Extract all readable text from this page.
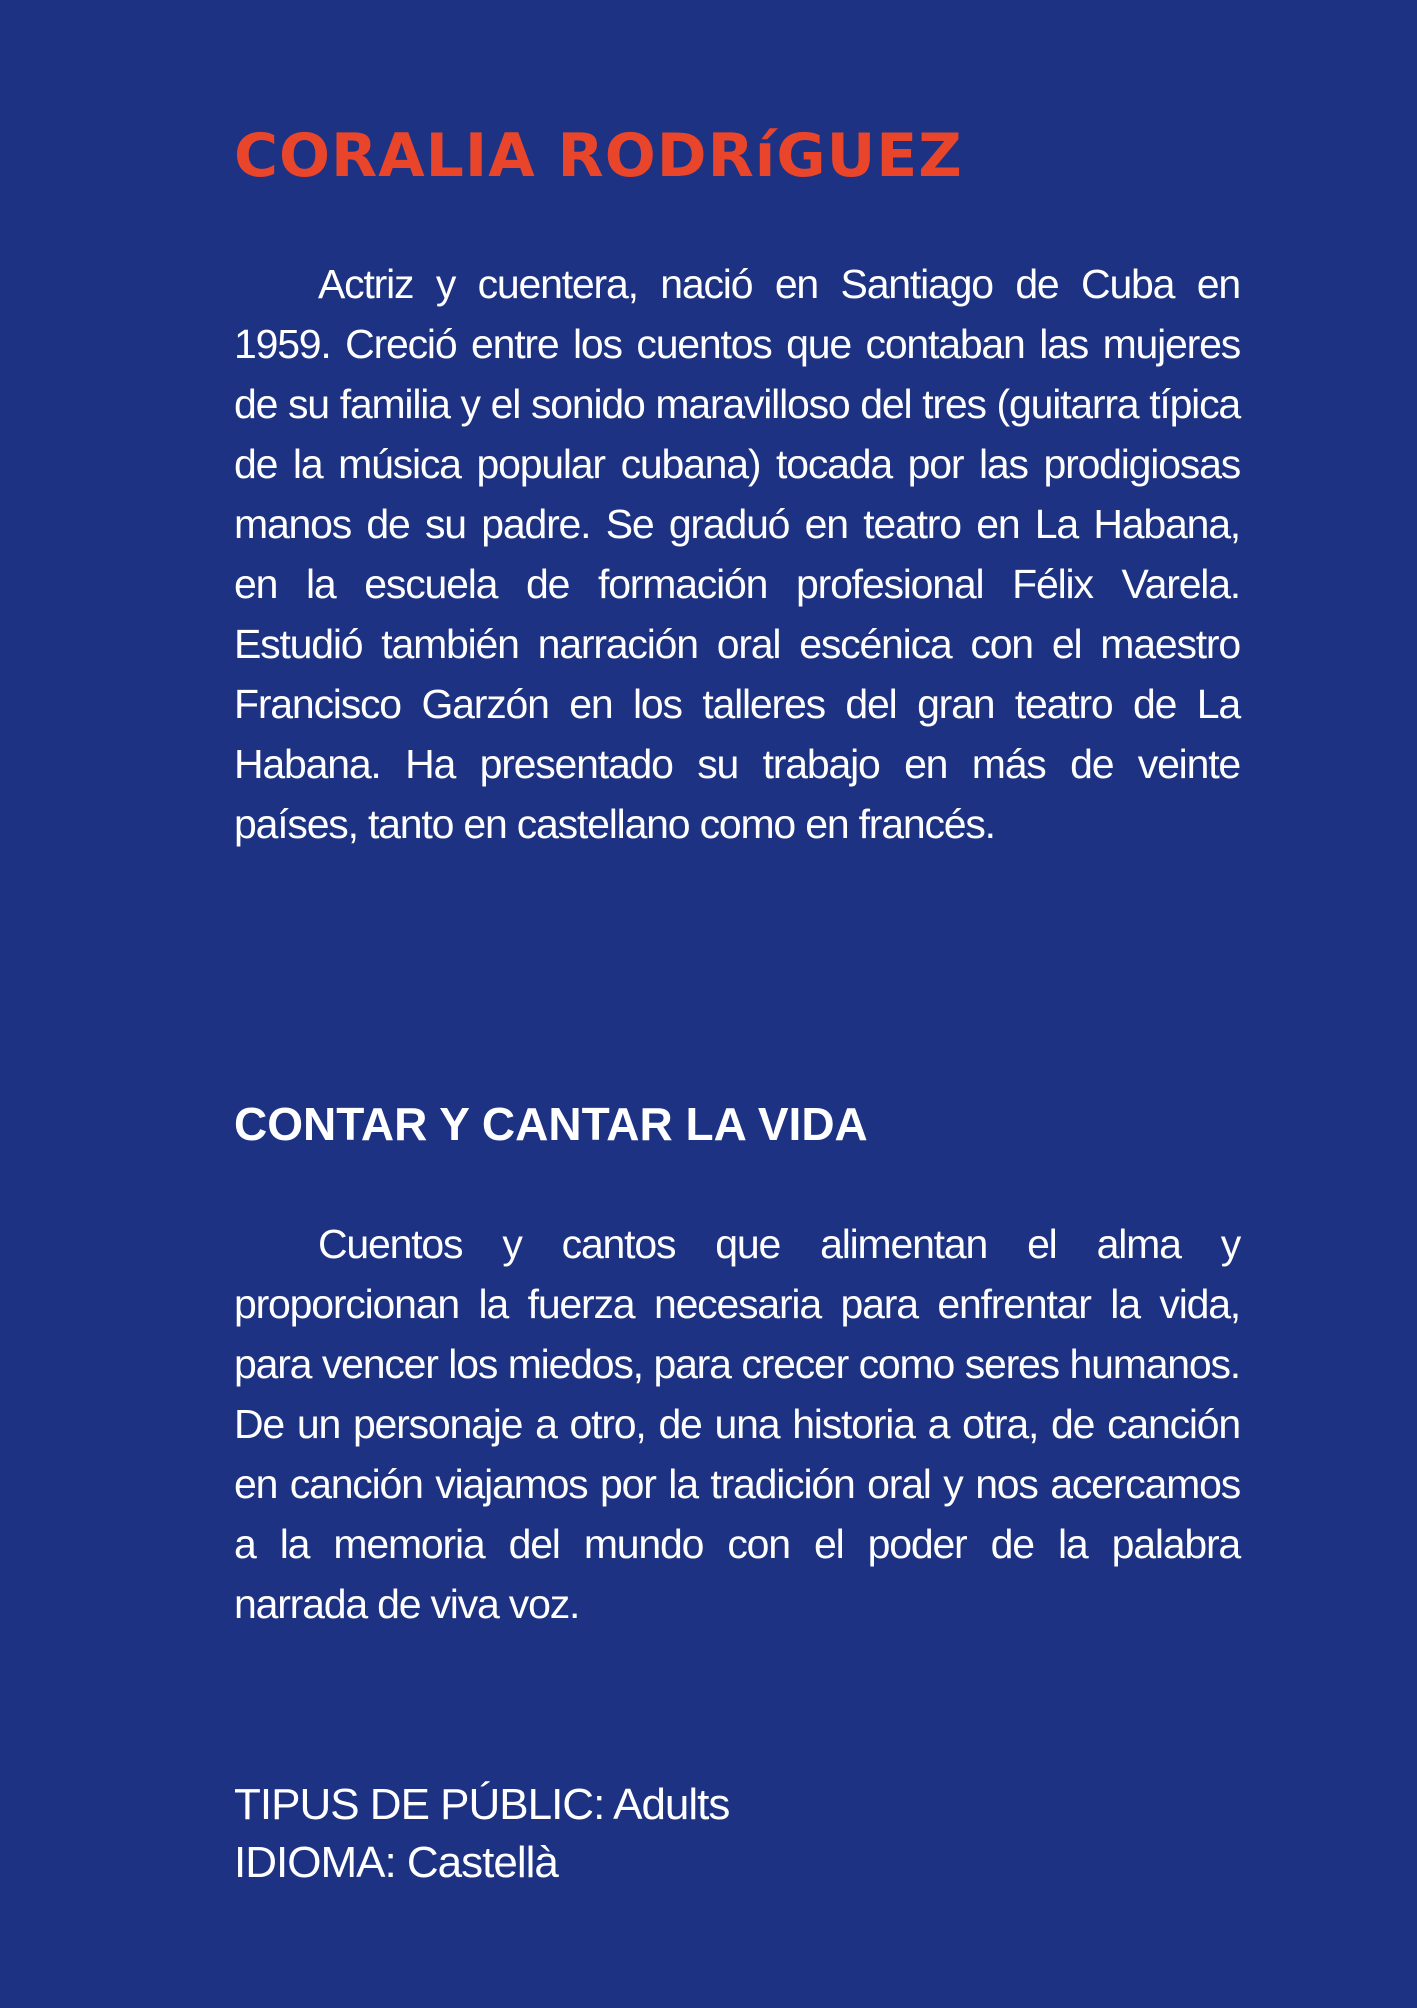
CORALIA RODRíGUEZ

Actriz y cuentera, nació en Santiago de Cuba en 1959. Creció entre los cuentos que contaban las mujeres de su familia y el sonido maravilloso del tres (guitarra típica de la música popular cubana) tocada por las prodigiosas manos de su padre. Se graduó en teatro en La Habana, en la escuela de formación profesional Félix Varela. Estudió también narración oral escénica con el maestro Francisco Garzón en los talleres del gran teatro de La Habana. Ha presentado su trabajo en más de veinte países, tanto en castellano como en francés.

CONTAR Y CANTAR LA VIDA

Cuentos y cantos que alimentan el alma y proporcionan la fuerza necesaria para enfrentar la vida, para vencer los miedos, para crecer como seres humanos. De un personaje a otro, de una historia a otra, de canción en canción viajamos por la tradición oral y nos acercamos a la memoria del mundo con el poder de la palabra narrada de viva voz.

TIPUS DE PÚBLIC: Adults
IDIOMA: Castellà
